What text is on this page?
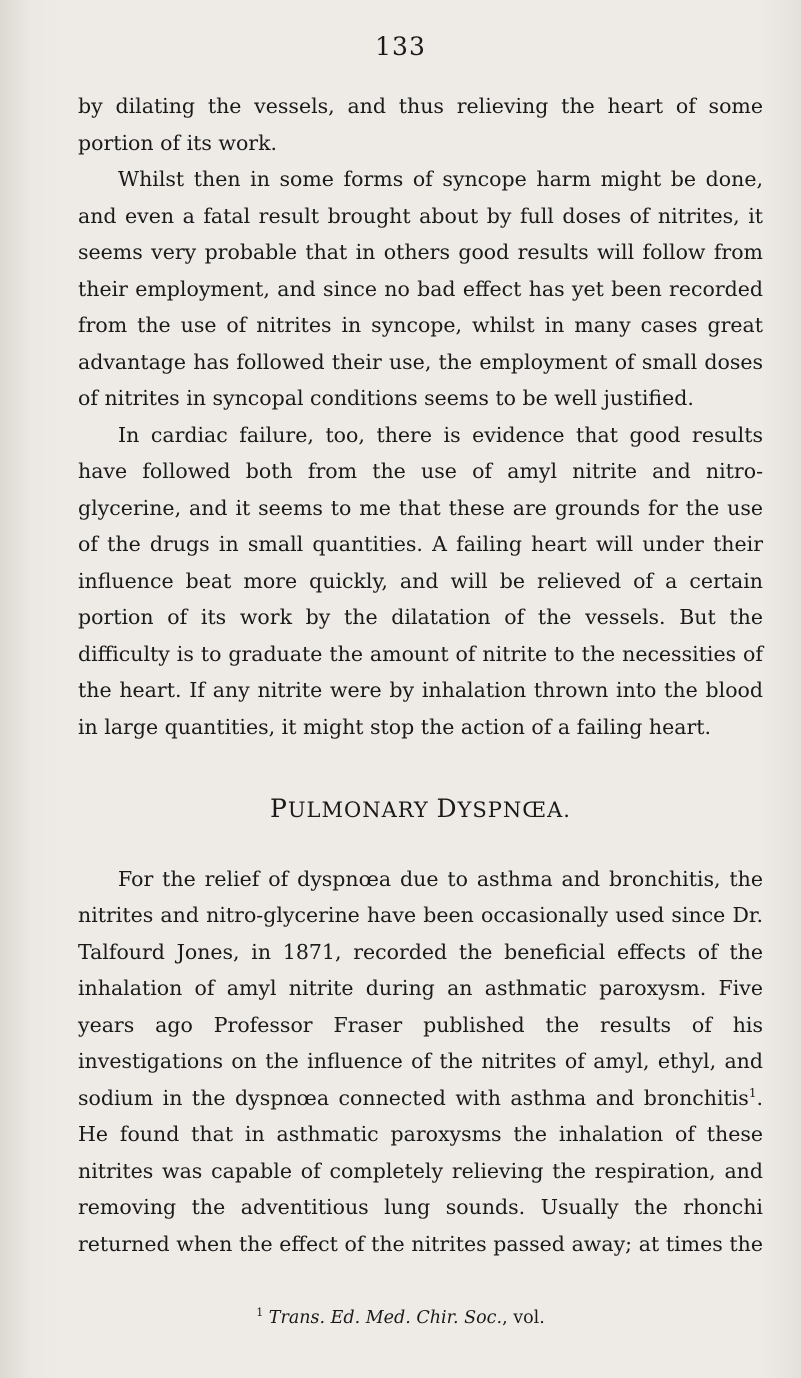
133

by dilating the vessels, and thus relieving the heart of some portion of its work.

Whilst then in some forms of syncope harm might be done, and even a fatal result brought about by full doses of nitrites, it seems very probable that in others good results will follow from their employment, and since no bad effect has yet been recorded from the use of nitrites in syncope, whilst in many cases great advantage has followed their use, the employment of small doses of nitrites in syncopal conditions seems to be well justified.

In cardiac failure, too, there is evidence that good results have followed both from the use of amyl nitrite and nitro-glycerine, and it seems to me that these are grounds for the use of the drugs in small quantities. A failing heart will under their influence beat more quickly, and will be relieved of a certain portion of its work by the dilatation of the vessels. But the difficulty is to graduate the amount of nitrite to the necessities of the heart. If any nitrite were by inhalation thrown into the blood in large quantities, it might stop the action of a failing heart.

PULMONARY DYSPNŒA.

For the relief of dyspnœa due to asthma and bronchitis, the nitrites and nitro-glycerine have been occasionally used since Dr. Talfourd Jones, in 1871, recorded the beneficial effects of the inhalation of amyl nitrite during an asthmatic paroxysm. Five years ago Professor Fraser published the results of his investigations on the influence of the nitrites of amyl, ethyl, and sodium in the dyspnœa connected with asthma and bronchitis$^1$. He found that in asthmatic paroxysms the inhalation of these nitrites was capable of completely relieving the respiration, and removing the adventitious lung sounds. Usually the rhonchi returned when the effect of the nitrites passed away; at times the

$^1$ Trans. Ed. Med. Chir. Soc., vol.
